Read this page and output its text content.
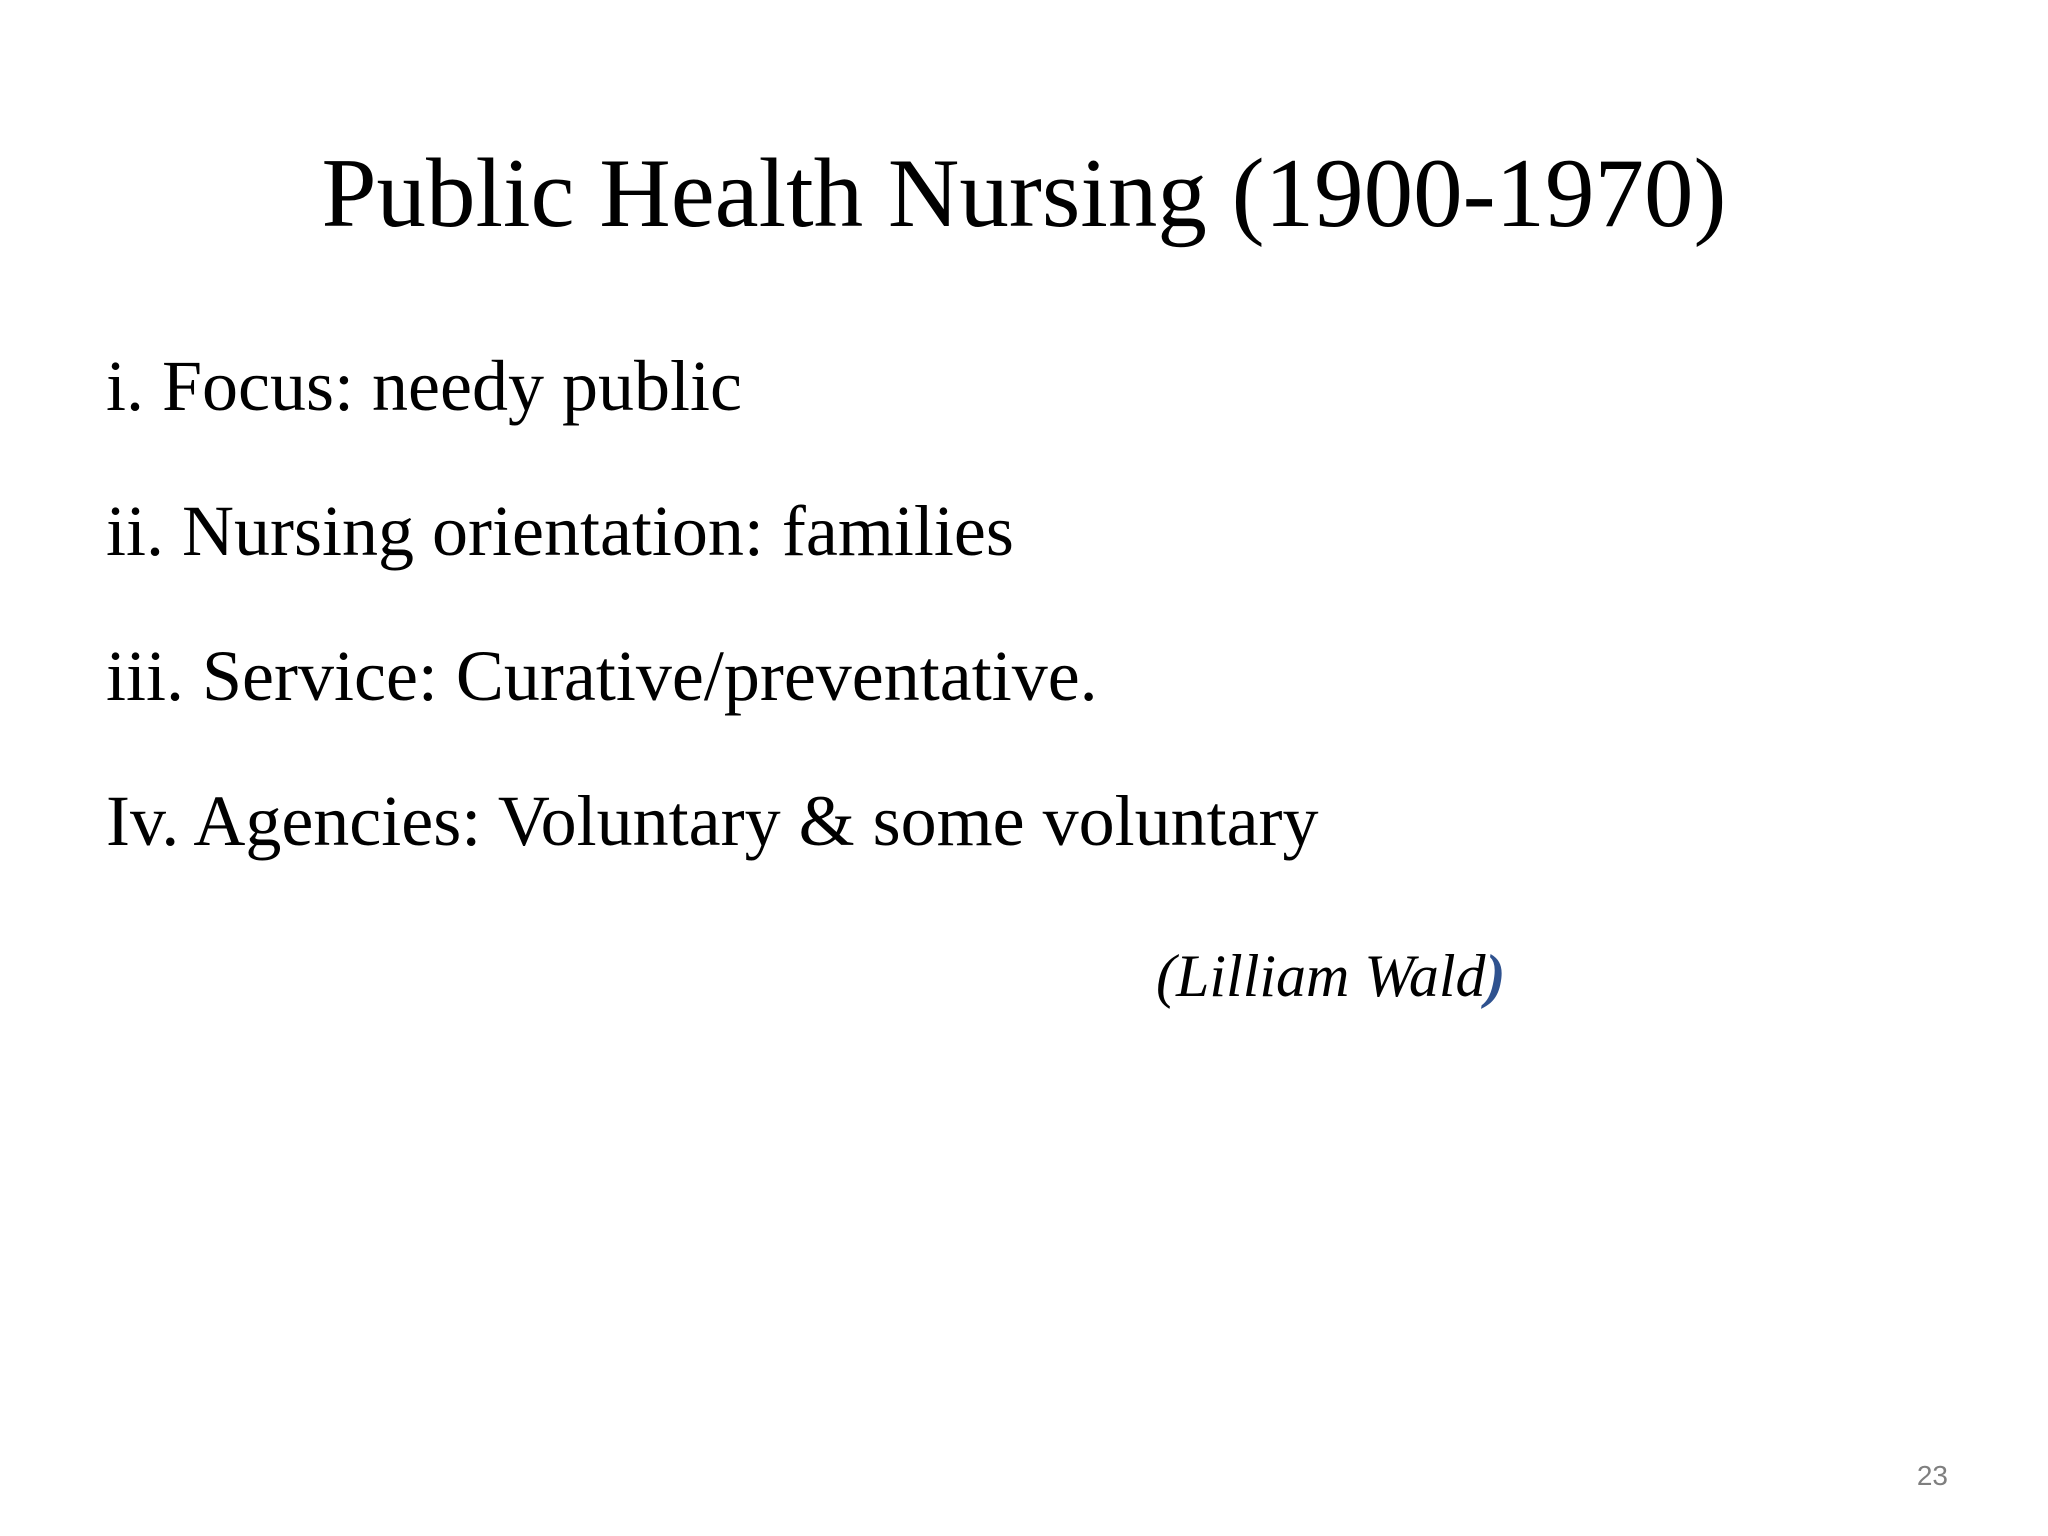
Public Health Nursing (1900-1970)
i. Focus: needy public
ii. Nursing orientation: families
iii. Service: Curative/preventative.
Iv. Agencies: Voluntary & some voluntary
(Lilliam Wald)
23
